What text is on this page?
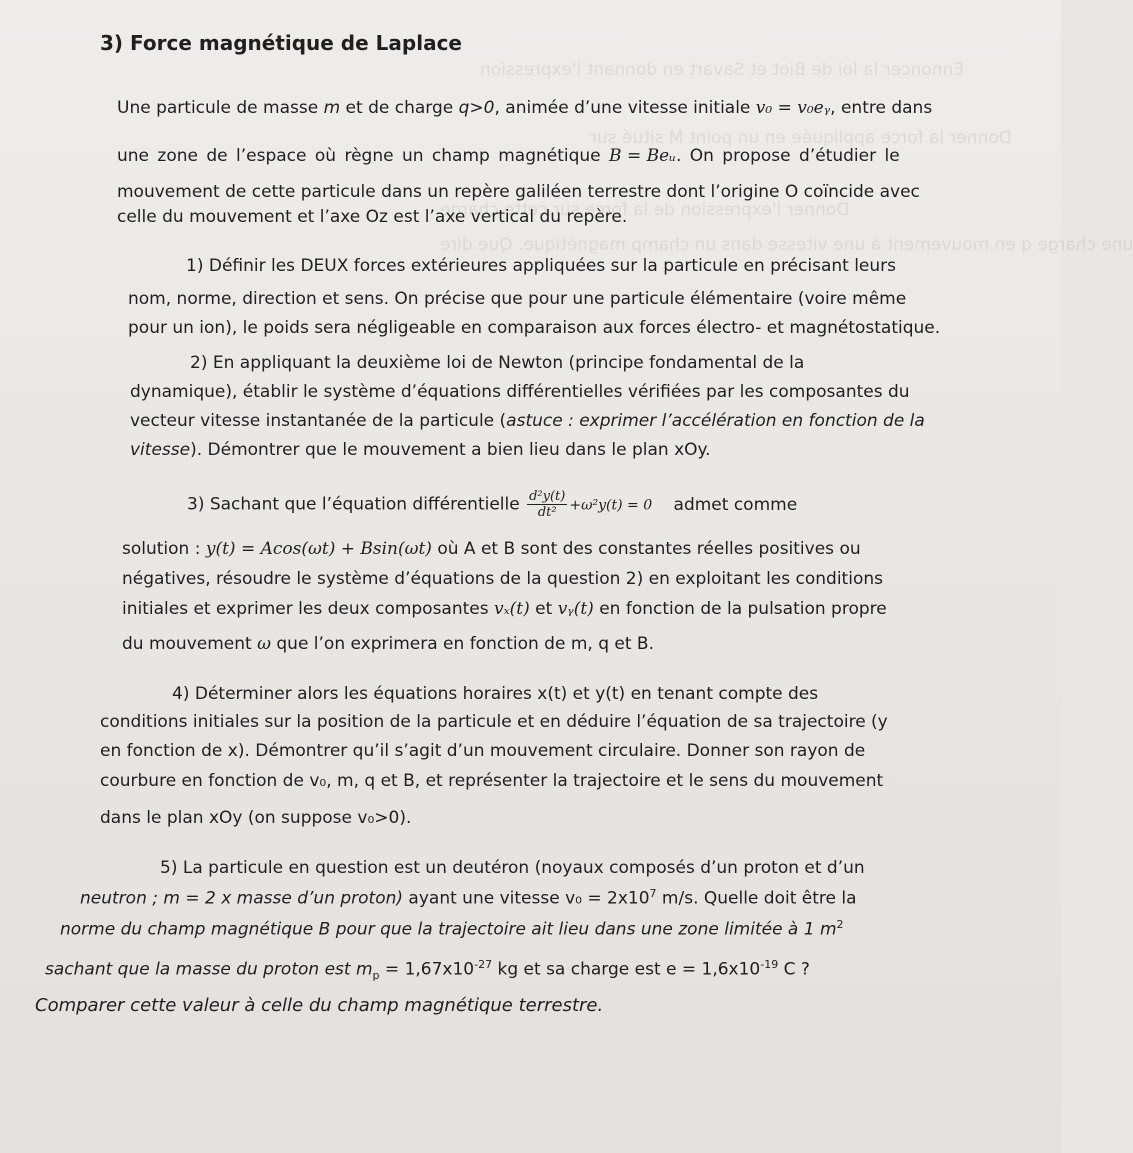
Ennoncer la loi de Biot et Savart en donnant l'expression
Donner la force appliquée en un point M situé sur
Donner l'expression de la force sur cette charge
une charge q en mouvement à une vitesse dans un champ magnétique. Que dire
3) Force magnétique de Laplace
Une particule de masse m et de charge q>0, animée d’une vitesse initiale v₀ = v₀eᵧ, entre dans
une zone de l’espace où règne un champ magnétique B = Beᵤ. On propose d’étudier le
mouvement de cette particule dans un repère galiléen terrestre dont l’origine O coïncide avec
celle du mouvement et l’axe Oz est l’axe vertical du repère.
1) Définir les DEUX forces extérieures appliquées sur la particule en précisant leurs
nom, norme, direction et sens. On précise que pour une particule élémentaire (voire même
pour un ion), le poids sera négligeable en comparaison aux forces électro- et magnétostatique.
2) En appliquant la deuxième loi de Newton (principe fondamental de la
dynamique), établir le système d’équations différentielles vérifiées par les composantes du
vecteur vitesse instantanée de la particule (astuce : exprimer l’accélération en fonction de la
vitesse). Démontrer que le mouvement a bien lieu dans le plan xOy.
3) Sachant que l’équation différentielle $\frac{\text{d²y(t)}}{\text{dt²}} +\omega^2y(t) = 0$ admet comme
solution : y(t) = Acos(ωt) + Bsin(ωt) où A et B sont des constantes réelles positives ou
négatives, résoudre le système d’équations de la question 2) en exploitant les conditions
initiales et exprimer les deux composantes vₓ(t) et vᵧ(t) en fonction de la pulsation propre
du mouvement ω que l’on exprimera en fonction de m, q et B.
4) Déterminer alors les équations horaires x(t) et y(t) en tenant compte des
conditions initiales sur la position de la particule et en déduire l’équation de sa trajectoire (y
en fonction de x). Démontrer qu’il s’agit d’un mouvement circulaire. Donner son rayon de
courbure en fonction de v₀, m, q et B, et représenter la trajectoire et le sens du mouvement
dans le plan xOy (on suppose v₀>0).
5) La particule en question est un deutéron (noyaux composés d’un proton et d’un
neutron ; m = 2 x masse d’un proton) ayant une vitesse $v_0 = 2x10^7$ m/s. Quelle doit être la
norme du champ magnétique B pour que la trajectoire ait lieu dans une zone limitée à 1 $m^2$
sachant que la masse du proton est $m_p = 1,67x10^{-27}$ kg et sa charge est $e = 1,6x10^{-19}$ C ?
Comparer cette valeur à celle du champ magnétique terrestre.
